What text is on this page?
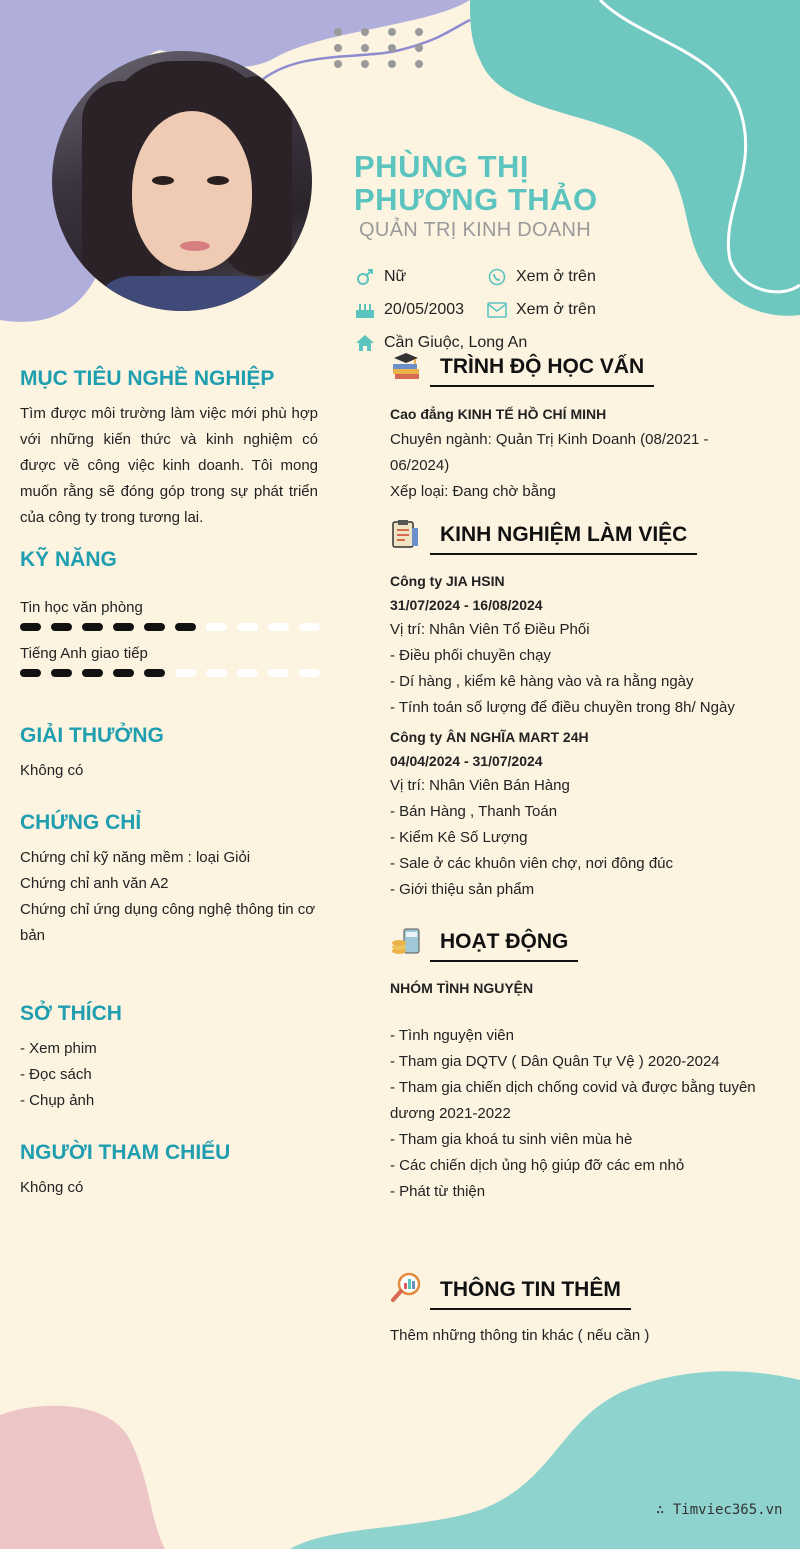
PHÙNG THỊ
PHƯƠNG THẢO
QUẢN TRỊ KINH DOANH
Nữ	Xem ở trên
20/05/2003	Xem ở trên
Cần Giuộc, Long An
MỤC TIÊU NGHỀ NGHIỆP
Tìm được môi trường làm việc mới phù hợp với những kiến thức và kinh nghiệm có được về công việc kinh doanh. Tôi mong muốn rằng sẽ đóng góp trong sự phát triển của công ty trong tương lai.
KỸ NĂNG
Tin học văn phòng
Tiếng Anh giao tiếp
GIẢI THƯỞNG
Không có
CHỨNG CHỈ
Chứng chỉ kỹ năng mềm : loại Giỏi
Chứng chỉ anh văn A2
Chứng chỉ ứng dụng công nghệ thông tin cơ bản
SỞ THÍCH
- Xem phim
- Đọc sách
- Chụp ảnh
NGƯỜI THAM CHIẾU
Không có
TRÌNH ĐỘ HỌC VẤN
Cao đẳng KINH TẾ HỒ CHÍ MINH
Chuyên ngành: Quản Trị Kinh Doanh (08/2021 - 06/2024)
Xếp loại: Đang chờ bằng
KINH NGHIỆM LÀM VIỆC
Công ty JIA HSIN
31/07/2024 - 16/08/2024
Vị trí: Nhân Viên Tổ Điều Phối
- Điều phối chuyền chạy
- Dí hàng , kiểm kê hàng vào và ra hằng ngày
- Tính toán số lượng để điều chuyền trong 8h/ Ngày
Công ty ÂN NGHĨA MART 24H
04/04/2024 - 31/07/2024
Vị trí: Nhân Viên Bán Hàng
- Bán Hàng , Thanh Toán
- Kiểm Kê Số Lượng
- Sale ở các khuôn viên chợ, nơi đông đúc
- Giới thiệu sản phẩm
HOẠT ĐỘNG
NHÓM TÌNH NGUYỆN
- Tình nguyện viên
- Tham gia DQTV ( Dân Quân Tự Vệ ) 2020-2024
- Tham gia chiến dịch chống covid và được bằng tuyên dương 2021-2022
- Tham gia khoá tu sinh viên mùa hè
- Các chiến dịch ủng hộ giúp đỡ các em nhỏ
- Phát từ thiện
THÔNG TIN THÊM
Thêm những thông tin khác ( nếu cần )
∴ Timviec365.vn
